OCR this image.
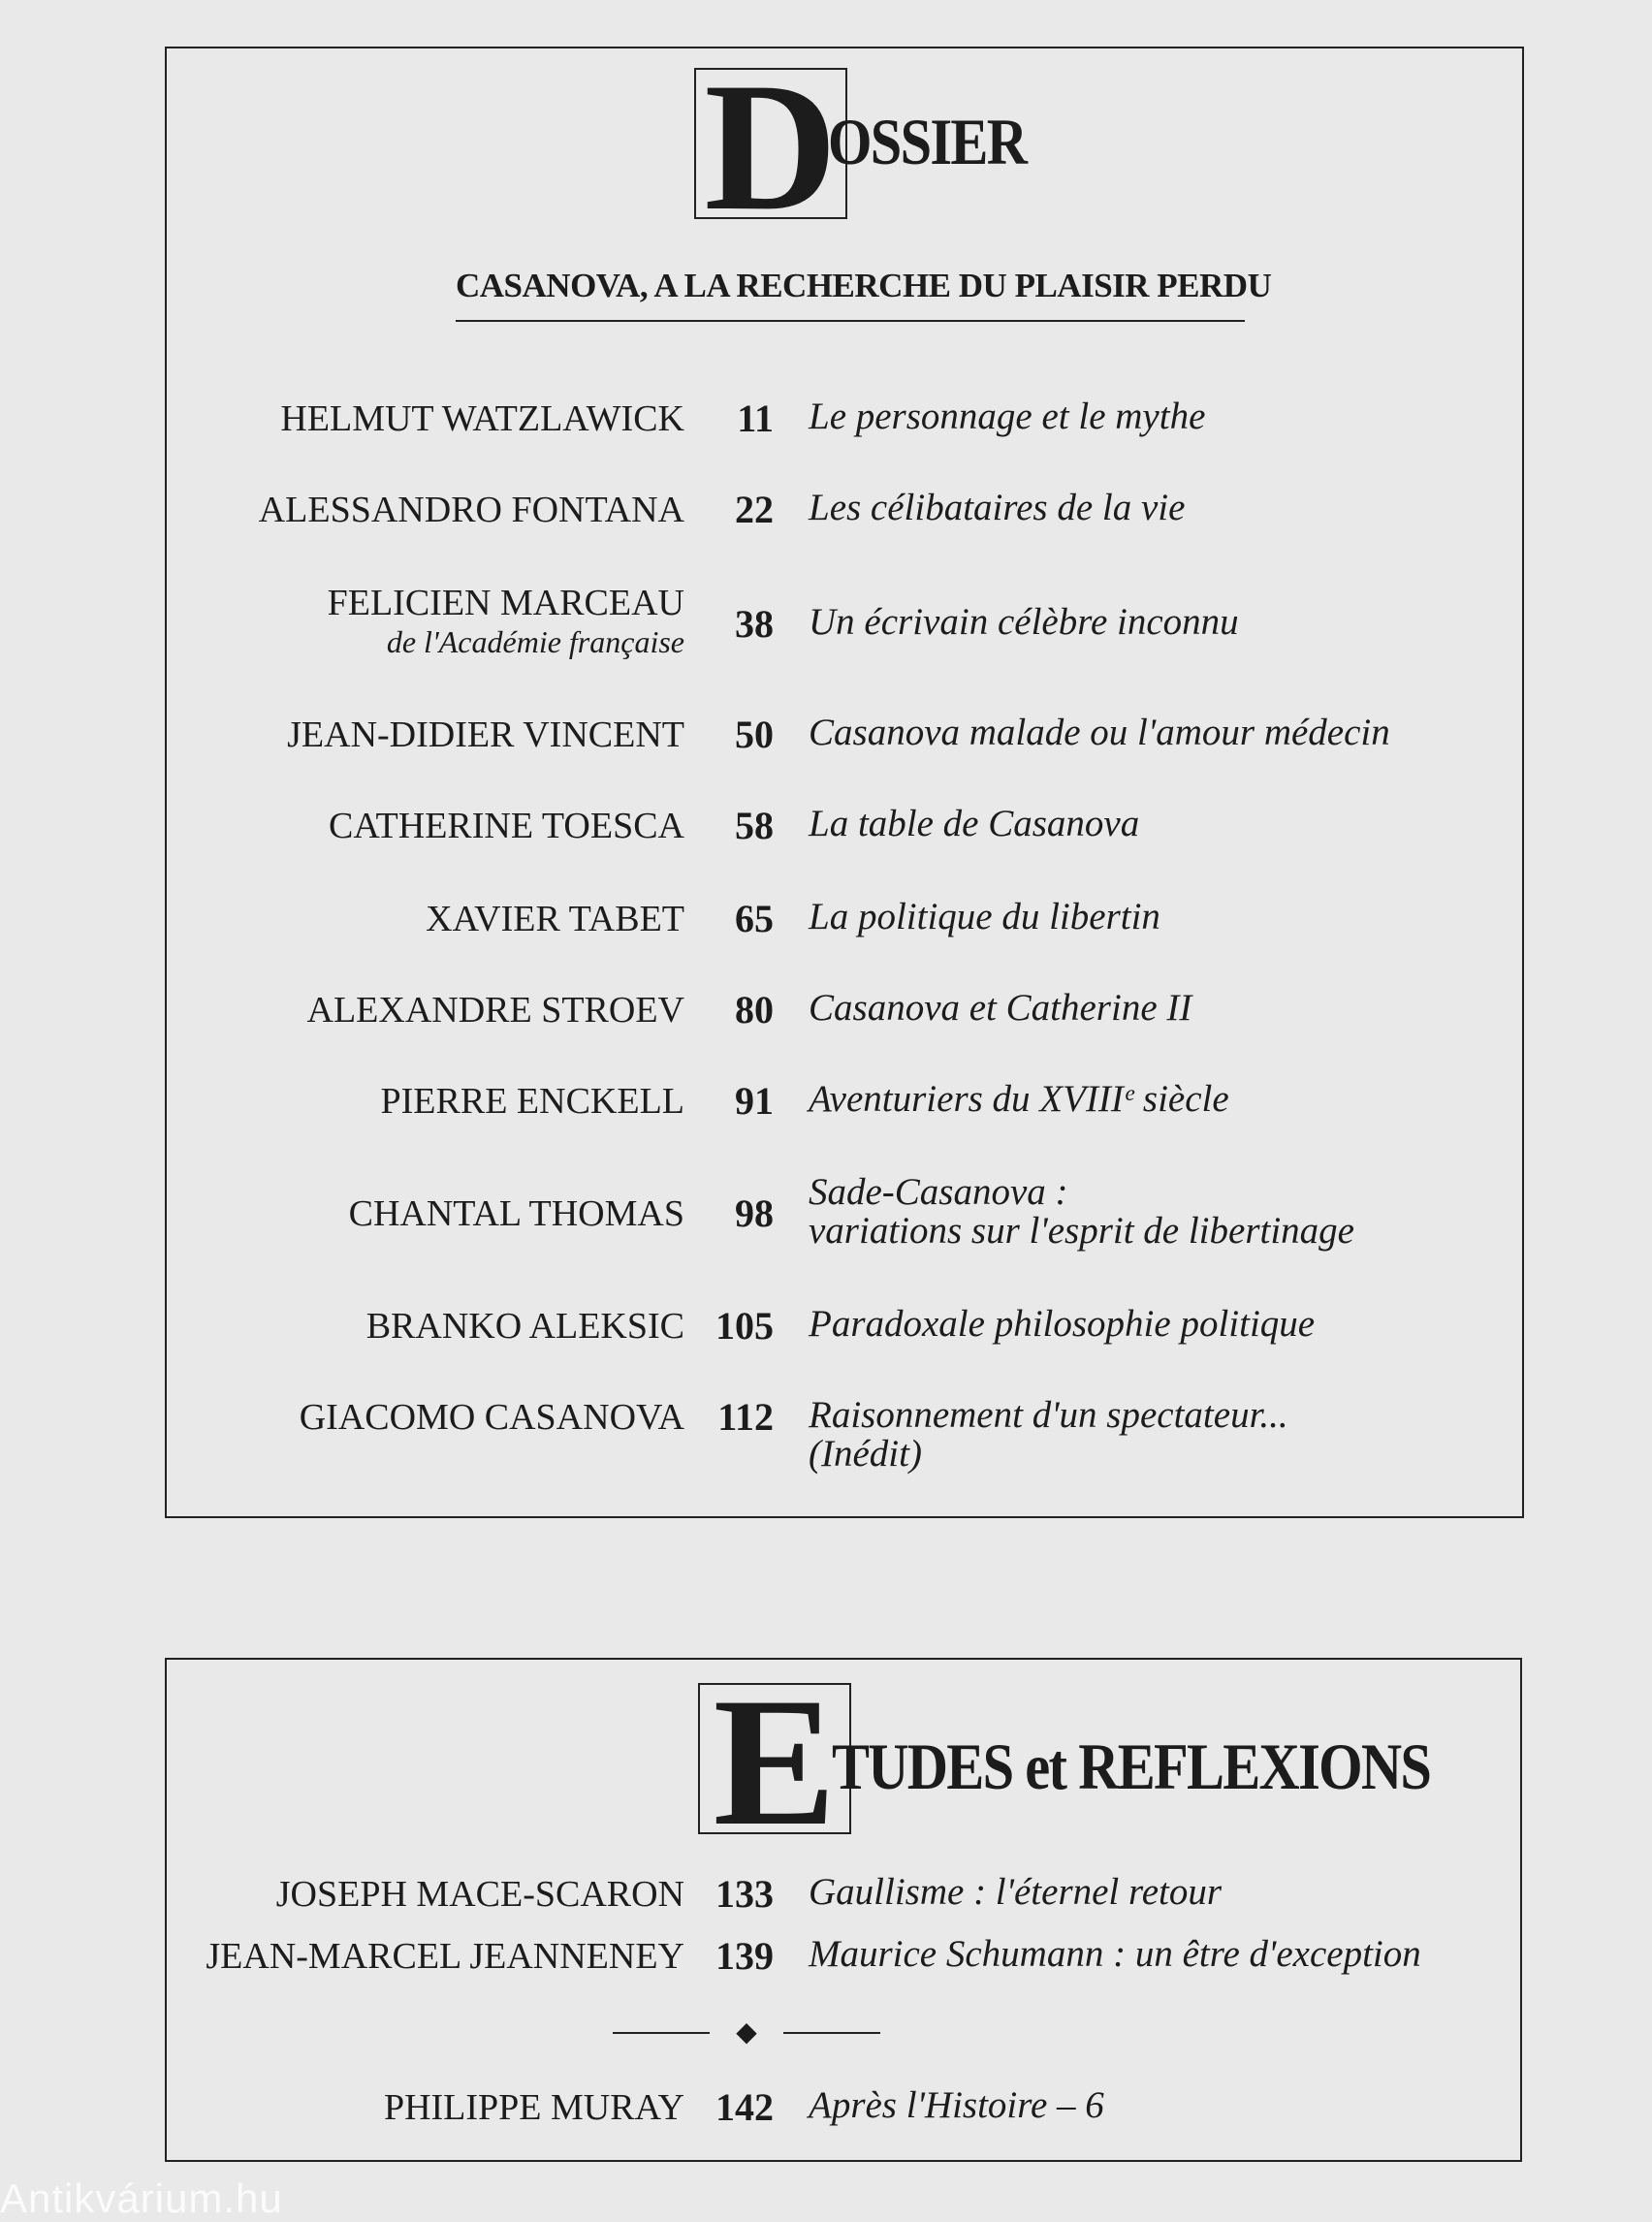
D
OSSIER
CASANOVA, A LA RECHERCHE DU PLAISIR PERDU
HELMUT WATZLAWICK 11 Le personnage et le mythe
ALESSANDRO FONTANA 22 Les célibataires de la vie
FELICIEN MARCEAU
de l'Académie française 38 Un écrivain célèbre inconnu
JEAN-DIDIER VINCENT 50 Casanova malade ou l'amour médecin
CATHERINE TOESCA 58 La table de Casanova
XAVIER TABET 65 La politique du libertin
ALEXANDRE STROEV 80 Casanova et Catherine II
PIERRE ENCKELL 91 Aventuriers du XVIIIᵉ siècle
CHANTAL THOMAS 98 Sade-Casanova :
variations sur l'esprit de libertinage
BRANKO ALEKSIC 105 Paradoxale philosophie politique
GIACOMO CASANOVA 112 Raisonnement d'un spectateur...
(Inédit)
E
TUDES et REFLEXIONS
JOSEPH MACE-SCARON 133 Gaullisme : l'éternel retour
JEAN-MARCEL JEANNENEY 139 Maurice Schumann : un être d'exception
◆
PHILIPPE MURAY 142 Après l'Histoire – 6
Antikvárium.hu
